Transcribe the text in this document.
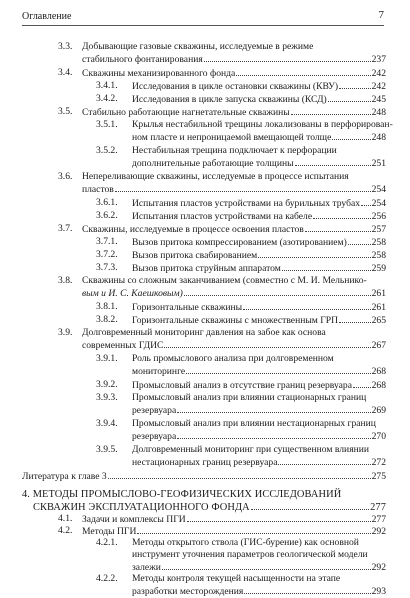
Оглавление	7
3.3. Добывающие газовые скважины, исследуемые в режиме
стабильного фонтанирования	237
3.4. Скважины механизированного фонда	242
3.4.1. Исследования в цикле остановки скважины (КВУ)	242
3.4.2. Исследования в цикле запуска скважины (КСД)	245
3.5. Стабильно работающие нагнетательные скважины	248
3.5.1. Крылья нестабильной трещины локализованы в перфорирован-
ном пласте и непроницаемой вмещающей толще	248
3.5.2. Нестабильная трещина подключает к перфорации
дополнительные работающие толщины	251
3.6. Непереливающие скважины, исследуемые в процессе испытания
пластов	254
3.6.1. Испытания пластов устройствами на бурильных трубах 254
3.6.2. Испытания пластов устройствами на кабеле	256
3.7. Скважины, исследуемые в процессе освоения пластов	257
3.7.1. Вызов притока компрессированием (азотированием)	258
3.7.2. Вызов притока свабированием	258
3.7.3. Вызов притока струйным аппаратом	259
3.8. Скважины со сложным заканчиванием (совместно с М. И. Мельнико-
вым и И. С. Каешковым)	261
3.8.1. Горизонтальные скважины	261
3.8.2. Горизонтальные скважины с множественным ГРП	265
3.9. Долговременный мониторинг давления на забое как основа
современных ГДИС	267
3.9.1. Роль промыслового анализа при долговременном
мониторинге	268
3.9.2. Промысловый анализ в отсутствие границ резервуара 268
3.9.3. Промысловый анализ при влиянии стационарных границ
резервуара	269
3.9.4. Промысловый анализ при влиянии нестационарных границ
резервуара	270
3.9.5. Долговременный мониторинг при существенном влиянии
нестационарных границ резервуара	272
Литература к главе 3	275
4. МЕТОДЫ ПРОМЫСЛОВО-ГЕОФИЗИЧЕСКИХ ИССЛЕДОВАНИЙ
СКВАЖИН ЭКСПЛУАТАЦИОННОГО ФОНДА	277
4.1. Задачи и комплексы ПГИ	277
4.2. Методы ПГИ	292
4.2.1. Методы открытого ствола (ГИС-бурение) как основной
инструмент уточнения параметров геологической модели
залежи	292
4.2.2. Методы контроля текущей насыщенности на этапе
разработки месторождения	293
